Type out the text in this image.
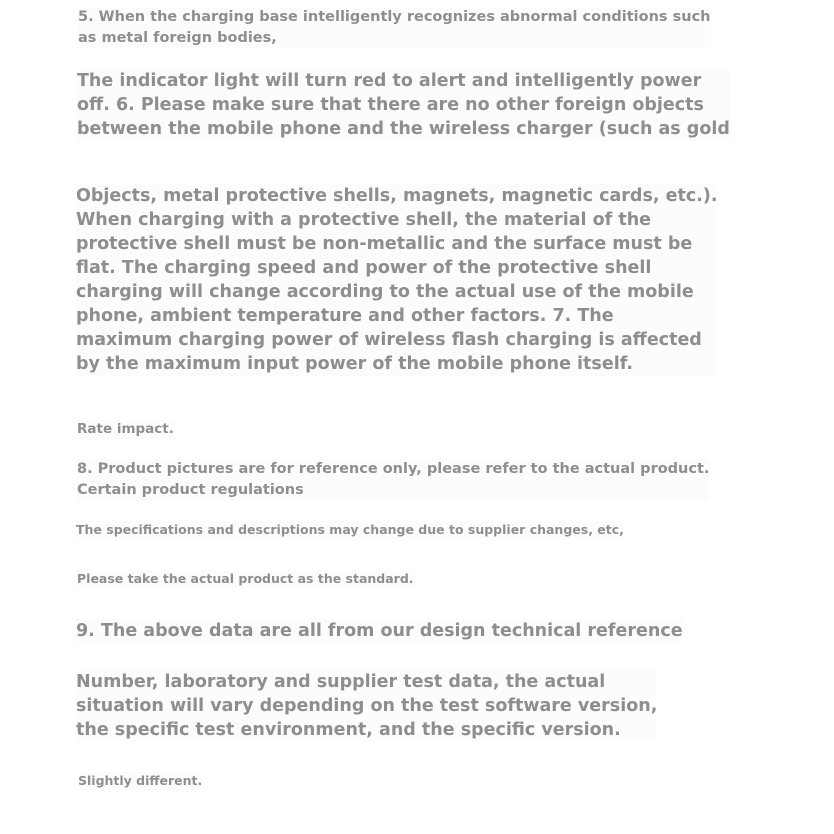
5. When the charging base intelligently recognizes abnormal conditions such
as metal foreign bodies,
The indicator light will turn red to alert and intelligently power
off. 6. Please make sure that there are no other foreign objects
between the mobile phone and the wireless charger (such as gold
Objects, metal protective shells, magnets, magnetic cards, etc.).
When charging with a protective shell, the material of the
protective shell must be non-metallic and the surface must be
flat. The charging speed and power of the protective shell
charging will change according to the actual use of the mobile
phone, ambient temperature and other factors. 7. The
maximum charging power of wireless flash charging is affected
by the maximum input power of the mobile phone itself.
Rate impact.
8. Product pictures are for reference only, please refer to the actual product.
Certain product regulations
The specifications and descriptions may change due to supplier changes, etc,
Please take the actual product as the standard.
9. The above data are all from our design technical reference
Number, laboratory and supplier test data, the actual
situation will vary depending on the test software version,
the specific test environment, and the specific version.
Slightly different.
